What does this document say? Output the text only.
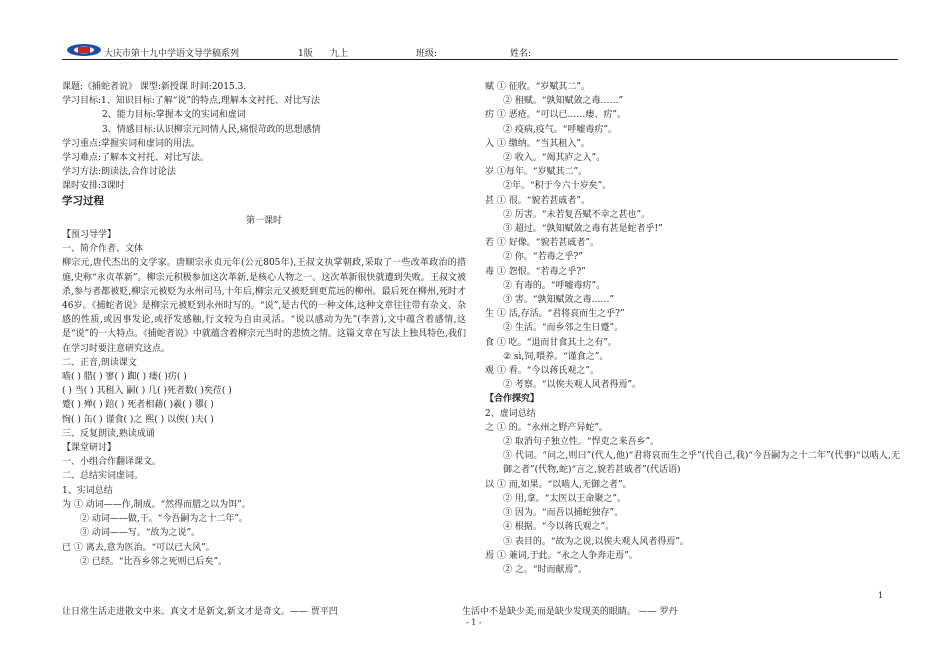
大庆市第十九中学语文导学稿系列	1版 九上	班级:	姓名:
课题:《捕蛇者说》 课型:新授课 时间:2015.3.
学习目标:1、知识目标:了解“说”的特点,理解本文衬托、对比写法
2、能力目标:掌握本文的实词和虚词
3、情感目标:认识柳宗元同情人民,痛恨苛政的思想感情
学习重点:掌握实词和虚词的用法。
学习难点:了解本文衬托、对比写法。
学习方法:朗读法,合作讨论法
课时安排:3课时
学习过程
第一课时
【预习导学】
一、简介作者、文体
柳宗元,唐代杰出的文学家。唐顺宗永贞元年(公元805年),王叔文执掌朝政,采取了一些改革政治的措施,史称“永贞革新”。柳宗元积极参加这次革新,是核心人物之一。这次革新很快就遭到失败。王叔文被杀,参与者都被贬,柳宗元被贬为永州司马,十年后,柳宗元又被贬到更荒远的柳州。最后死在柳州,死时才46岁。《捕蛇者说》是柳宗元被贬到永州时写的。“说”,是古代的一种文体,这种文章往往带有杂文、杂感的性质,或因事发论,或抒发感触,行文较为自由灵活。“说以感动为先”(李普),文中蕴含着感情,这是“说”的一大特点。《捕蛇者说》中就蕴含着柳宗元当时的悲愤之情。这篇文章在写法上独具特色,我们在学习时要注意研究这点。
二、正音,朗读课文
啮( ) 腊( ) 寥( ) 踟( ) 瘘( )疠( )
( ) 当( ) 其租入 嗣( ) 几( )死者数( )矣莅( )
蹙( ) 殚( ) 踣( ) 死者相藉( )羲( ) 隳( )
恂( ) 缶( ) 谨食( )之 熙( ) 以俟( )夫( )
三、反复朗读,熟读成诵
【课堂研讨】
一、小组合作翻译课文。
二、总结实词虚词。
1、实词总结
为 ① 动词——作,制成。“然得而腊之以为饵”。
② 动词——做,干。“今吾嗣为之十二年”。
③ 动词——写。“故为之说”。
已 ① 离去,意为医治。“可以已大风”。
② 已经。“比吾乡邻之死则已后矣”。
赋 ① 征收。“岁赋其二”。
② 租赋。“孰知赋敛之毒……”
疠 ① 恶疮。“可以已……瘘、疠”。
② 疫病,疫气。“呼嘘毒疠”。
入 ① 缴纳。“当其租入”。
② 收入。“竭其庐之入”。
岁 ①每年。“岁赋其二”。
②年。“积于今六十岁矣”。
甚 ① 很。“貌若甚戚者”。
② 厉害。“未若复吾赋不幸之甚也”。
③ 超过。“孰知赋敛之毒有甚是蛇者乎!”
若 ① 好像。“貌若甚戚者”。
② 你。“若毒之乎?”
毒 ① 怨恨。“若毒之乎?”
② 有毒的。“呼嘘毒疠”。
③ 害。“孰知赋敛之毒……”
生 ① 活,存活。“君将哀而生之乎?”
② 生活。“而乡邻之生日蹙”。
食 ① 吃。“退而甘食其土之有”。
② sì,饲,喂养。“谨食之”。
观 ① 看。“今以蒋氏观之”。
② 考察。“以俟夫观人风者得焉”。
【合作探究】
2、虚词总结
之 ① 的。“永州之野产异蛇”。
② 取消句子独立性。“悍吏之来吾乡”。
③ 代词。“问之,则曰”(代人,他)“君将哀而生之乎”(代自己,我)“今吾嗣为之十二年”(代事)“以啮人,无御之者”(代物,蛇)“言之,貌若甚戚者”(代话语)
以 ① 而,如果。“以啮人,无御之者”。
② 用,拿。“太医以王命聚之”。
③ 因为。“而吾以捕蛇独存”。
④ 根据。“今以蒋氏观之”。
⑤ 表目的。“故为之说,以俟夫观人风者得焉”。
焉 ① 兼词,于此。“永之人争奔走焉”。
② 之。“时而献焉”。
1
让日常生活走进散文中来。真文才是新文,新文才是奇文。—— 贾平凹	生活中不是缺少美,而是缺少发现美的眼睛。 —— 罗丹
- 1 -
